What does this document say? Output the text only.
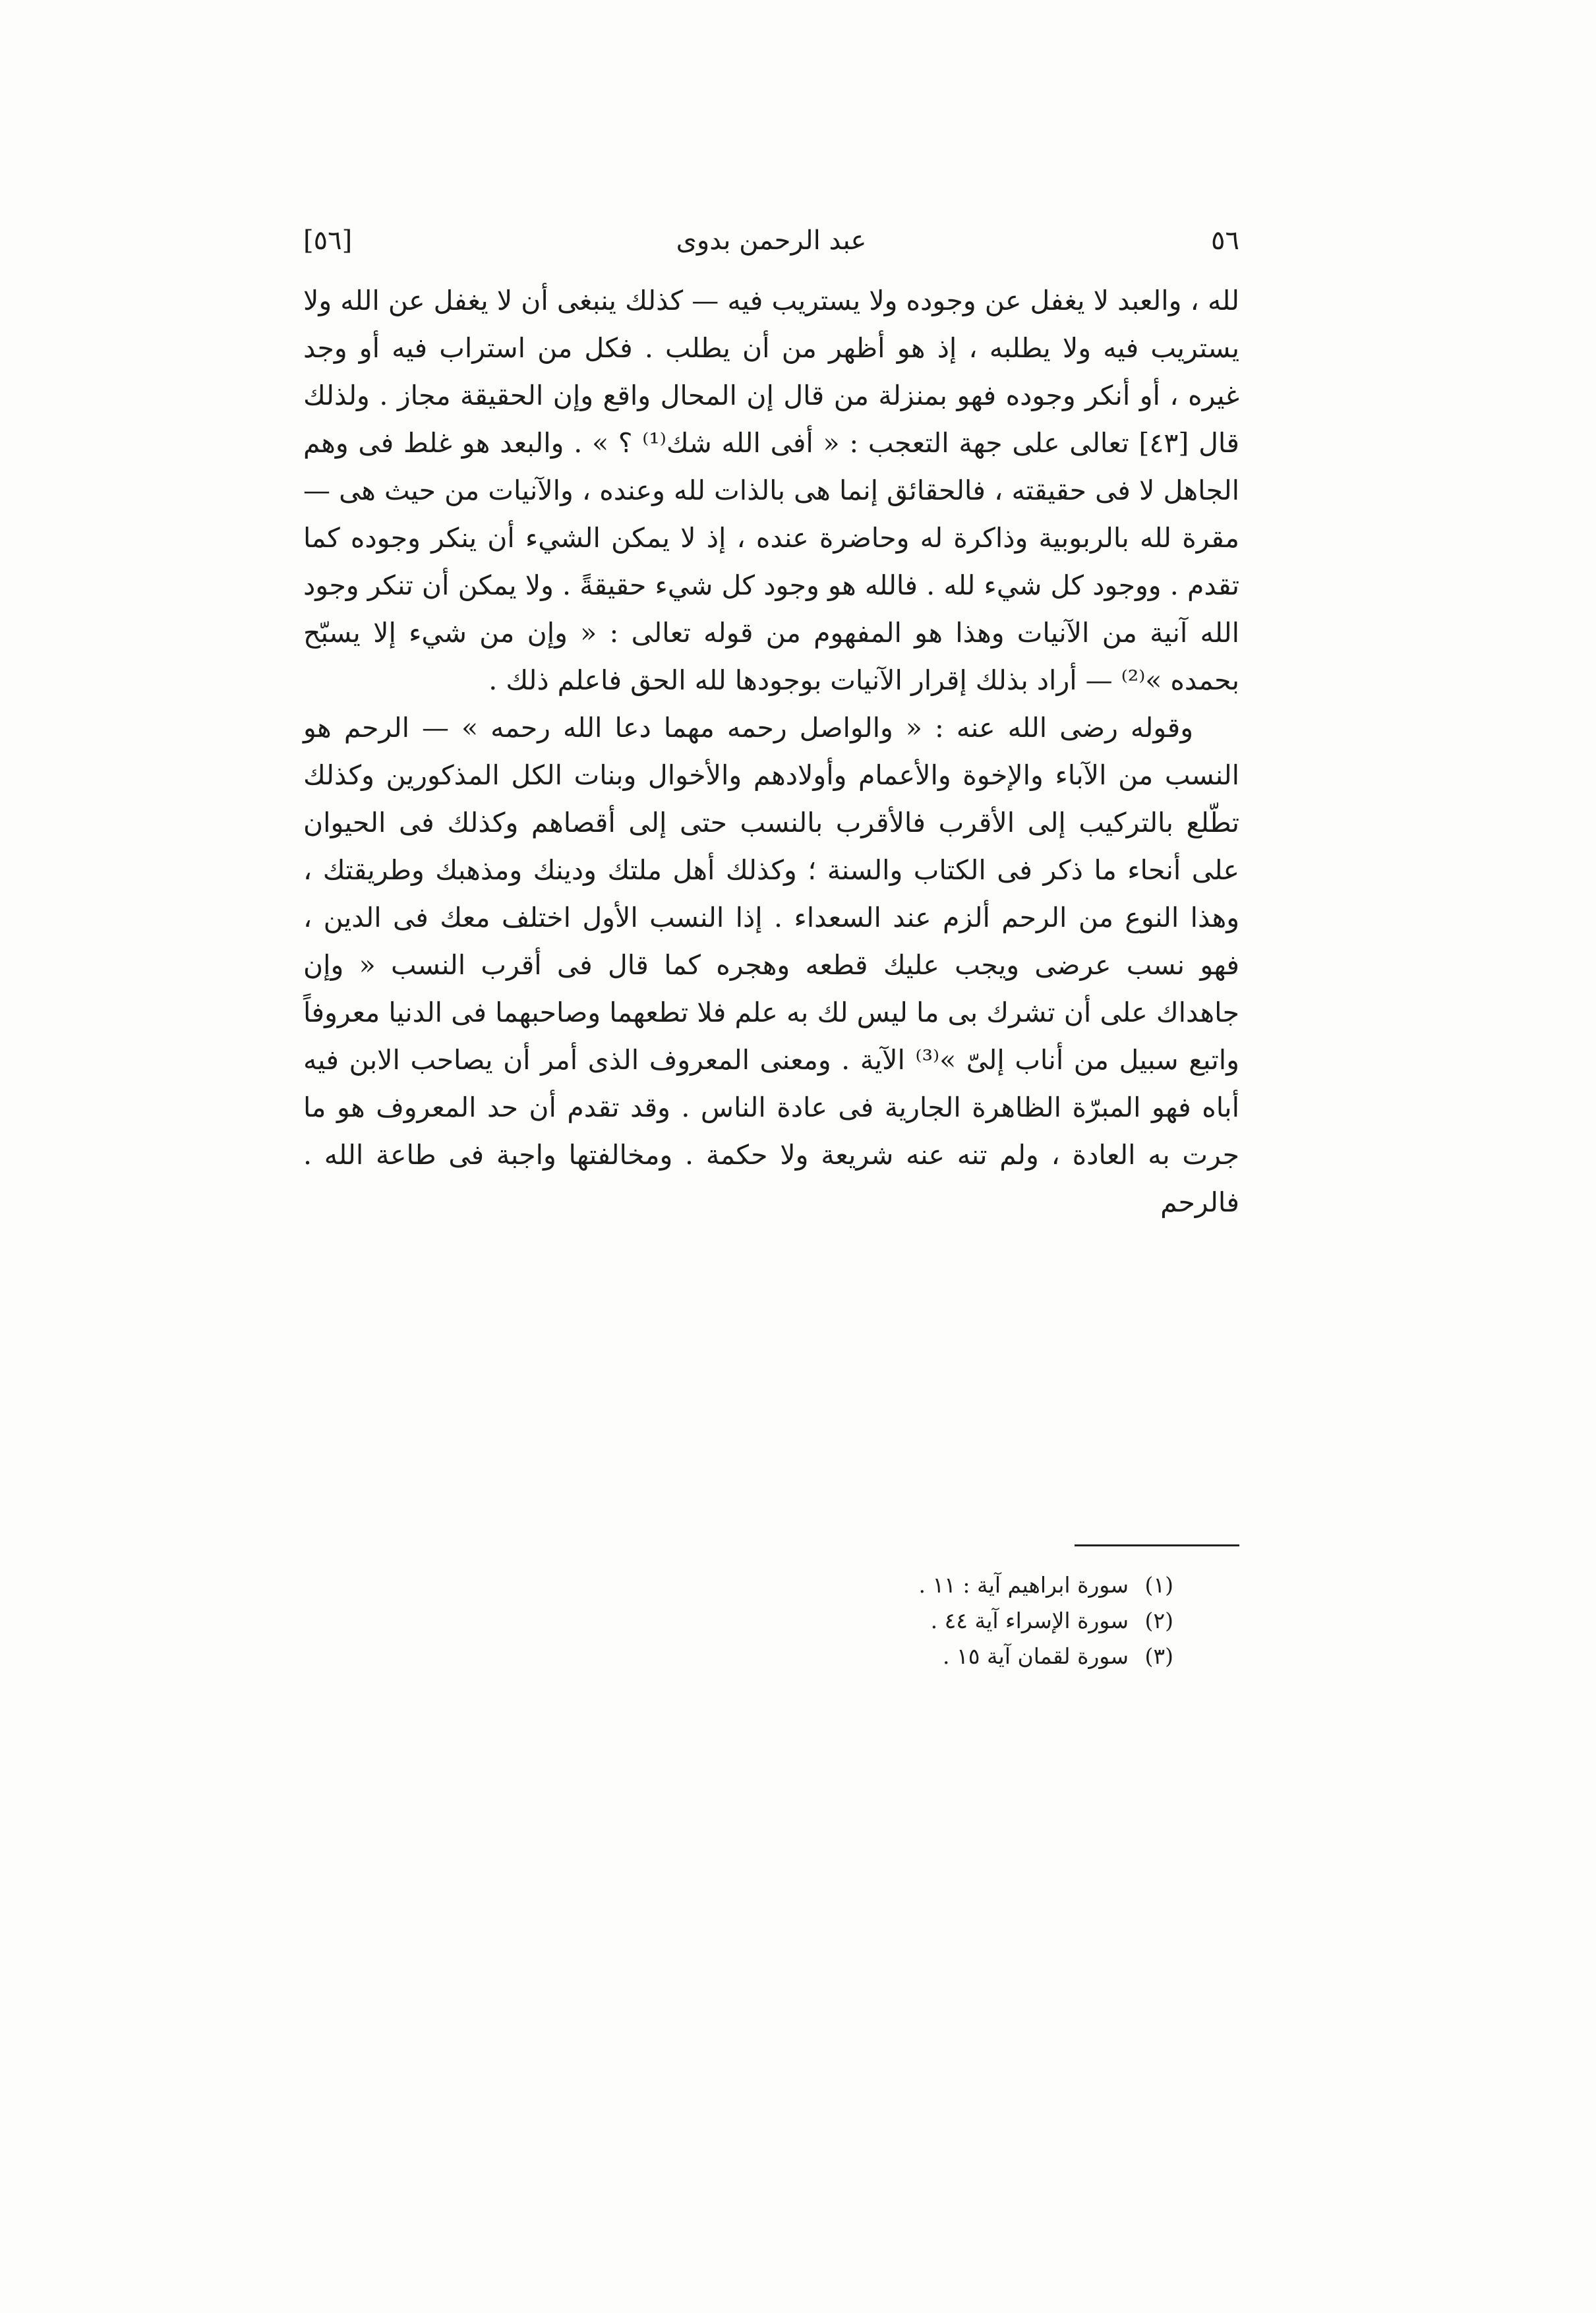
٥٦
عبد الرحمن بدوى
[٥٦]

لله ، والعبد لا يغفل عن وجوده ولا يستريب فيه — كذلك ينبغى أن لا يغفل عن الله ولا يستريب فيه ولا يطلبه ، إذ هو أظهر من أن يطلب . فكل من استراب فيه أو وجد غيره ، أو أنكر وجوده فهو بمنزلة من قال إن المحال واقع وإن الحقيقة مجاز . ولذلك قال [٤٣] تعالى على جهة التعجب : « أفى الله شك⁽¹⁾ ؟ » . والبعد هو غلط فى وهم الجاهل لا فى حقيقته ، فالحقائق إنما هى بالذات لله وعنده ، والآنيات من حيث هى — مقرة لله بالربوبية وذاكرة له وحاضرة عنده ، إذ لا يمكن الشيء أن ينكر وجوده كما تقدم . ووجود كل شيء لله . فالله هو وجود كل شيء حقيقةً . ولا يمكن أن تنكر وجود الله آنية من الآنيات وهذا هو المفهوم من قوله تعالى : « وإن من شيء إلا يسبّح بحمده »⁽²⁾ — أراد بذلك إقرار الآنيات بوجودها لله الحق فاعلم ذلك .

وقوله رضى الله عنه : « والواصل رحمه مهما دعا الله رحمه » — الرحم هو النسب من الآباء والإخوة والأعمام وأولادهم والأخوال وبنات الكل المذكورين وكذلك تطّلع بالتركيب إلى الأقرب فالأقرب بالنسب حتى إلى أقصاهم وكذلك فى الحيوان على أنحاء ما ذكر فى الكتاب والسنة ؛ وكذلك أهل ملتك ودينك ومذهبك وطريقتك ، وهذا النوع من الرحم ألزم عند السعداء . إذا النسب الأول اختلف معك فى الدين ، فهو نسب عرضى ويجب عليك قطعه وهجره كما قال فى أقرب النسب « وإن جاهداك على أن تشرك بى ما ليس لك به علم فلا تطعهما وصاحبهما فى الدنيا معروفاً واتبع سبيل من أناب إلىّ »⁽³⁾ الآية . ومعنى المعروف الذى أمر أن يصاحب الابن فيه أباه فهو المبرّة الظاهرة الجارية فى عادة الناس . وقد تقدم أن حد المعروف هو ما جرت به العادة ، ولم تنه عنه شريعة ولا حكمة . ومخالفتها واجبة فى طاعة الله . فالرحم

(١) سورة ابراهيم آية : ١١ .
(٢) سورة الإسراء آية ٤٤ .
(٣) سورة لقمان آية ١٥ .
